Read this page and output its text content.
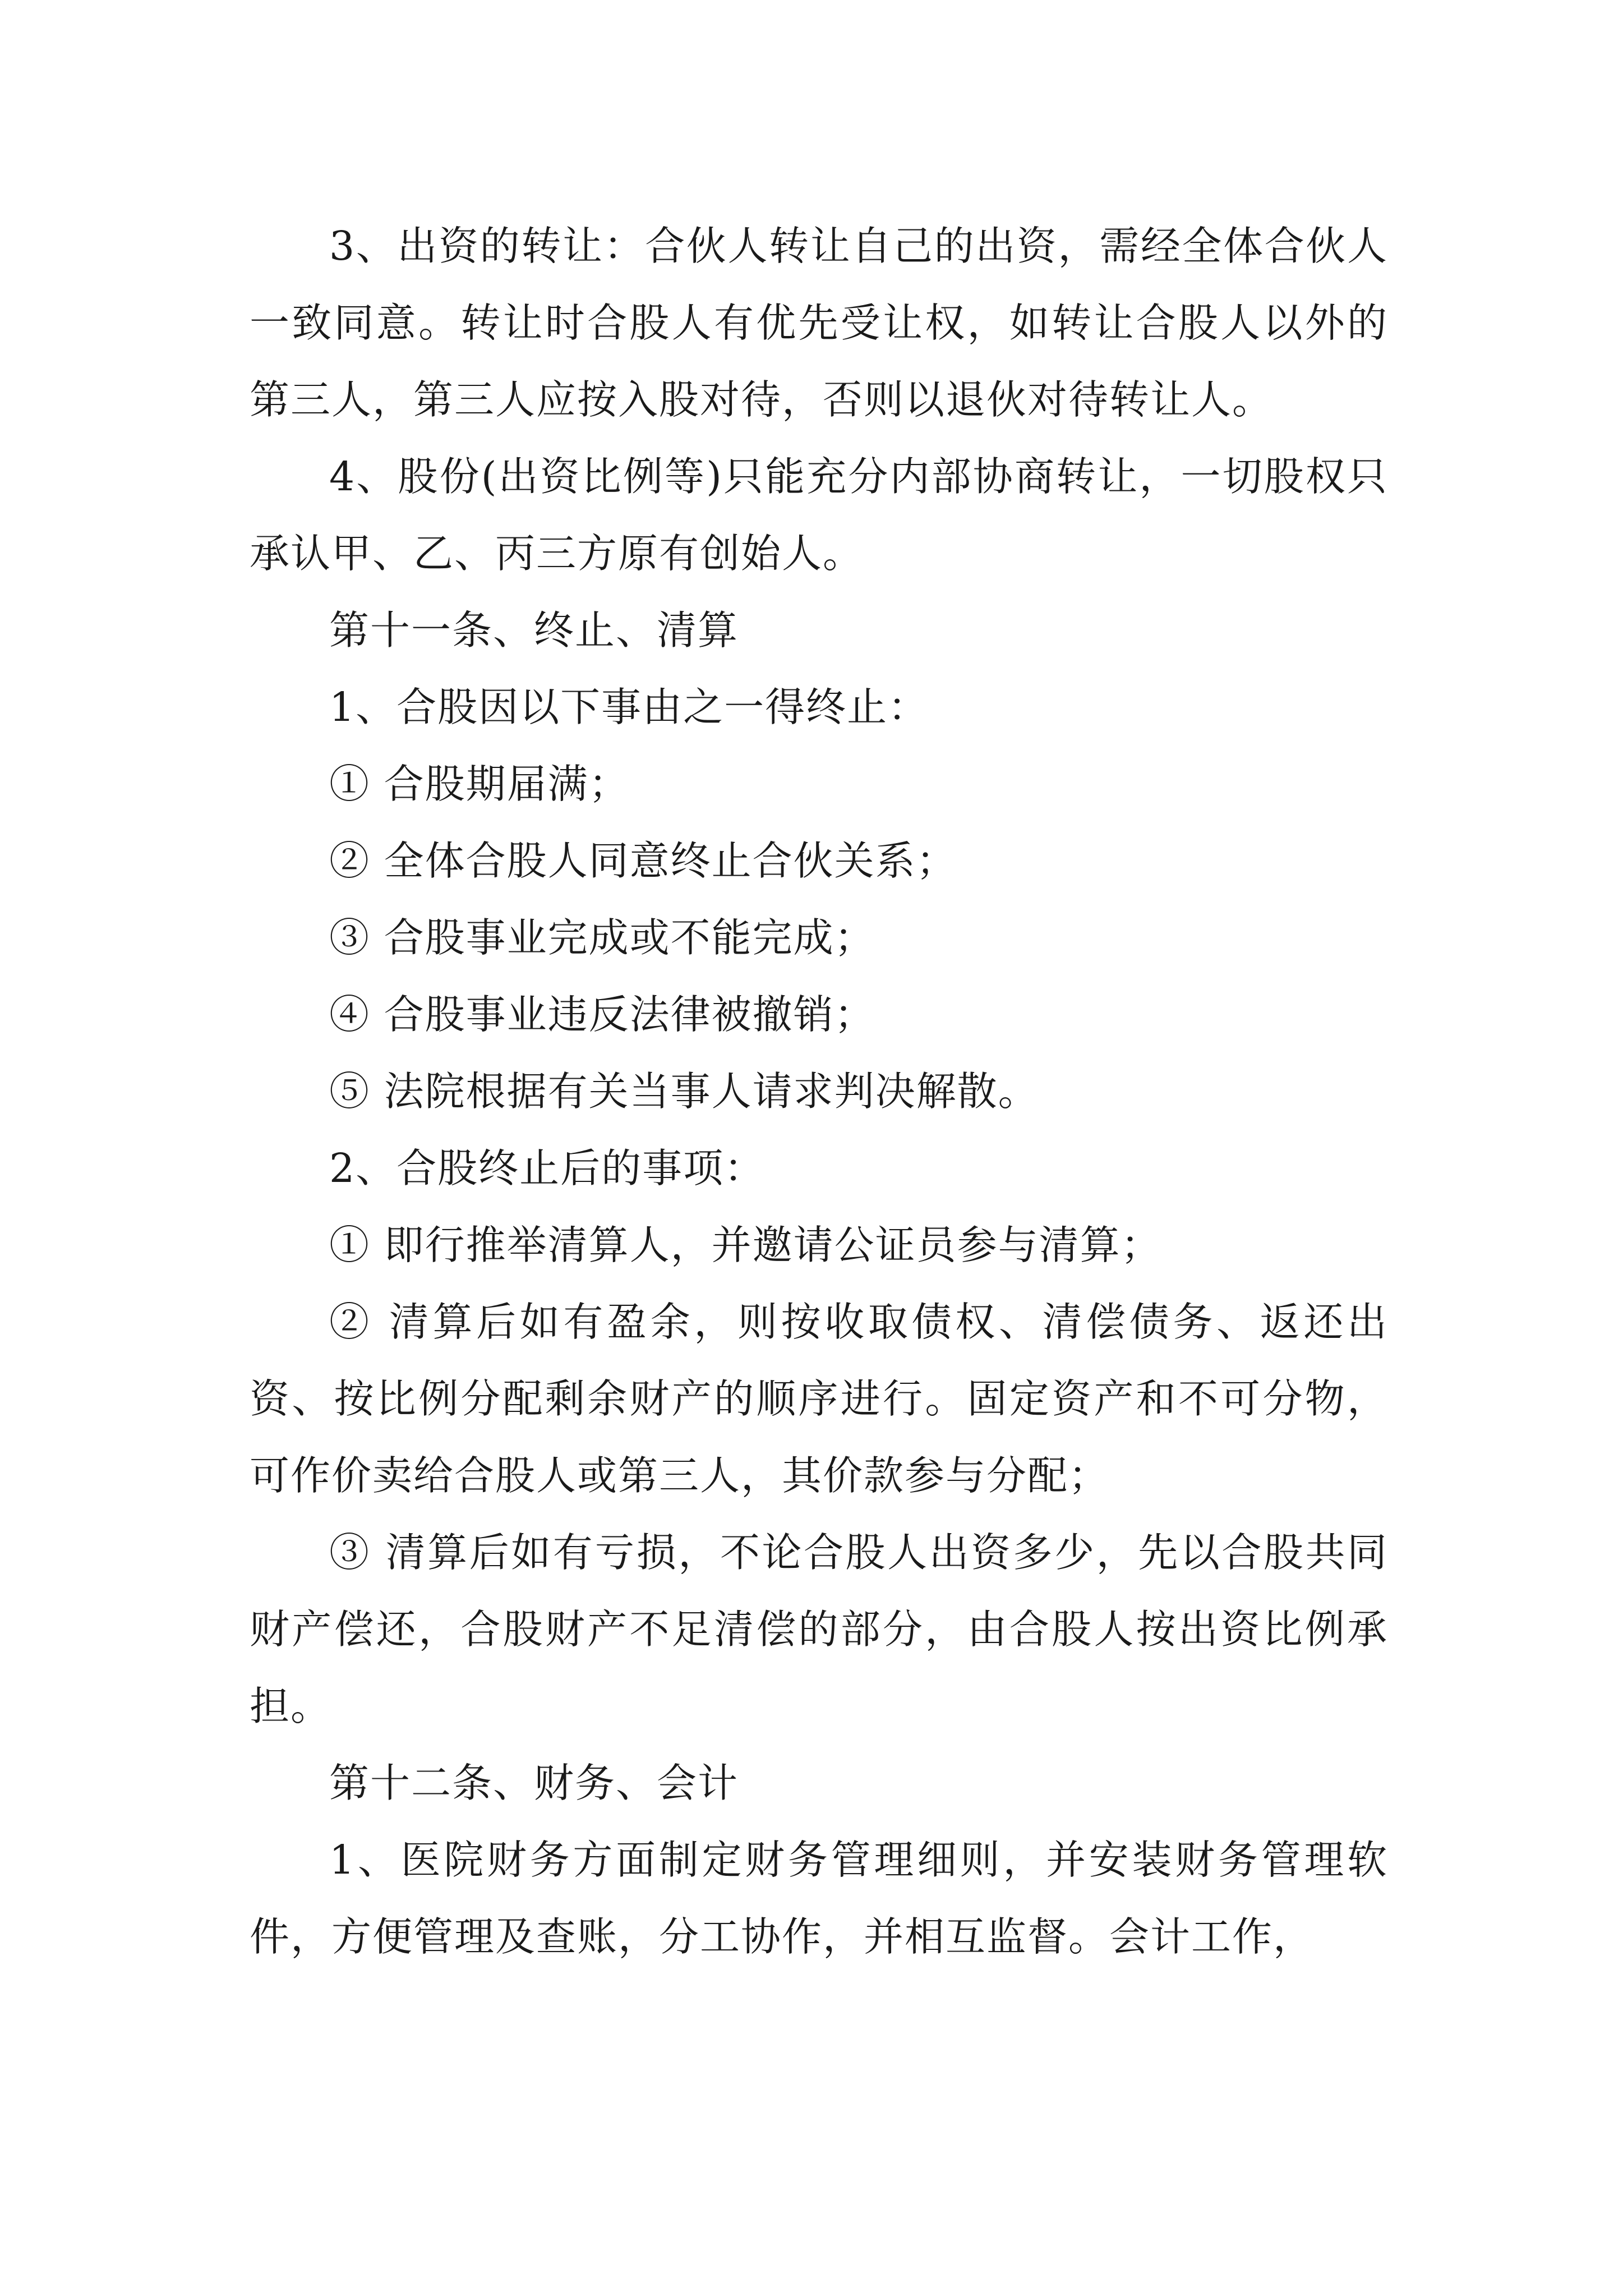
3、出资的转让：合伙人转让自己的出资，需经全体合伙人一致同意。转让时合股人有优先受让权，如转让合股人以外的第三人，第三人应按入股对待，否则以退伙对待转让人。

4、股份(出资比例等)只能充分内部协商转让，一切股权只承认甲、乙、丙三方原有创始人。

第十一条、终止、清算

1、合股因以下事由之一得终止：

① 合股期届满；

② 全体合股人同意终止合伙关系；

③ 合股事业完成或不能完成；

④ 合股事业违反法律被撤销；

⑤ 法院根据有关当事人请求判决解散。

2、合股终止后的事项：

① 即行推举清算人，并邀请公证员参与清算；

② 清算后如有盈余，则按收取债权、清偿债务、返还出资、按比例分配剩余财产的顺序进行。固定资产和不可分物，可作价卖给合股人或第三人，其价款参与分配；

③ 清算后如有亏损，不论合股人出资多少，先以合股共同财产偿还，合股财产不足清偿的部分，由合股人按出资比例承担。

第十二条、财务、会计

1、医院财务方面制定财务管理细则，并安装财务管理软件，方便管理及查账，分工协作，并相互监督。会计工作，
